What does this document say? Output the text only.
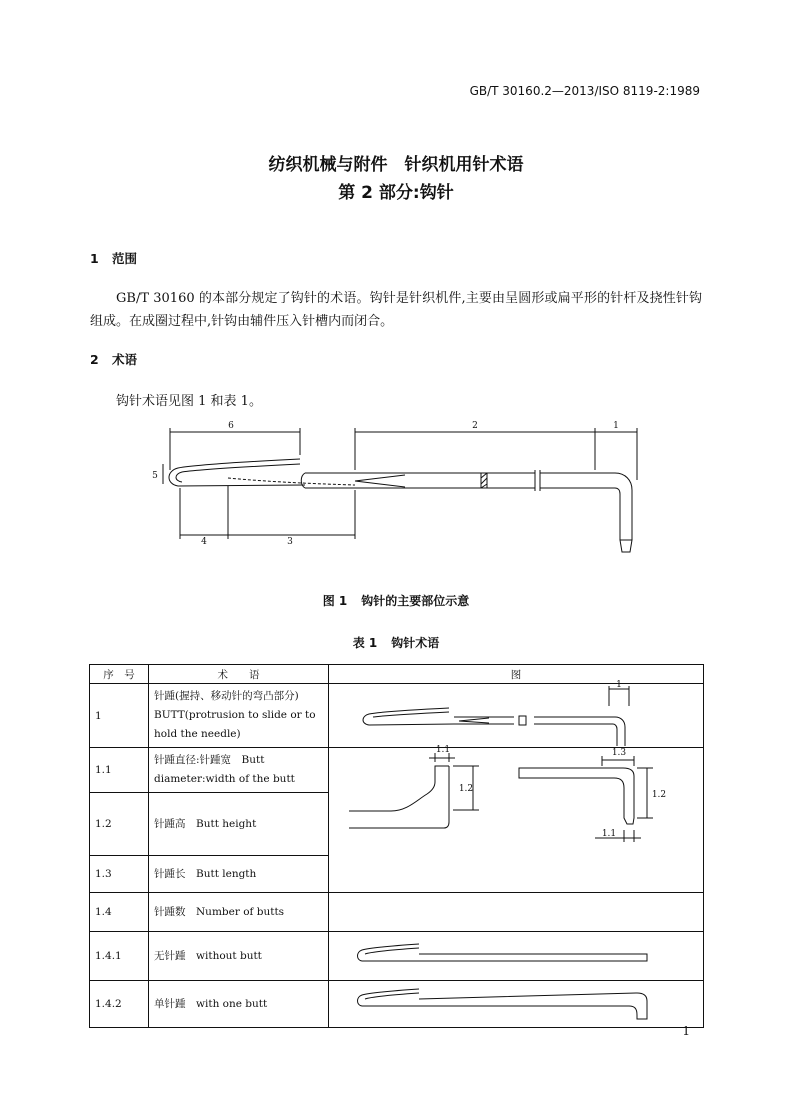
GB/T 30160.2—2013/ISO 8119-2:1989
纺织机械与附件　针织机用针术语
第 2 部分:钩针
1 范围
GB/T 30160 的本部分规定了钩针的术语。钩针是针织机件,主要由呈圆形或扁平形的针杆及挠性针钩组成。在成圈过程中,针钩由辅件压入针槽内而闭合。
2 术语
钩针术语见图 1 和表 1。
6	2	1
5
4	3
图 1 钩针的主要部位示意
表 1 钩针术语
序　号	术　　语	图
1	针踵(握持、移动针的弯凸部分)　BUTT(protrusion to slide or to hold the needle)	1

1.1	针踵直径:针踵宽　Butt diameter:width of the butt	1.1
1.2
1.3
1.2
1.1

1.2	针踵高　Butt height	
1.3	针踵长　Butt length	
1.4	针踵数　Number of butts	
1.4.1	无针踵　without butt	

1.4.2	单针踵　with one butt	
1
